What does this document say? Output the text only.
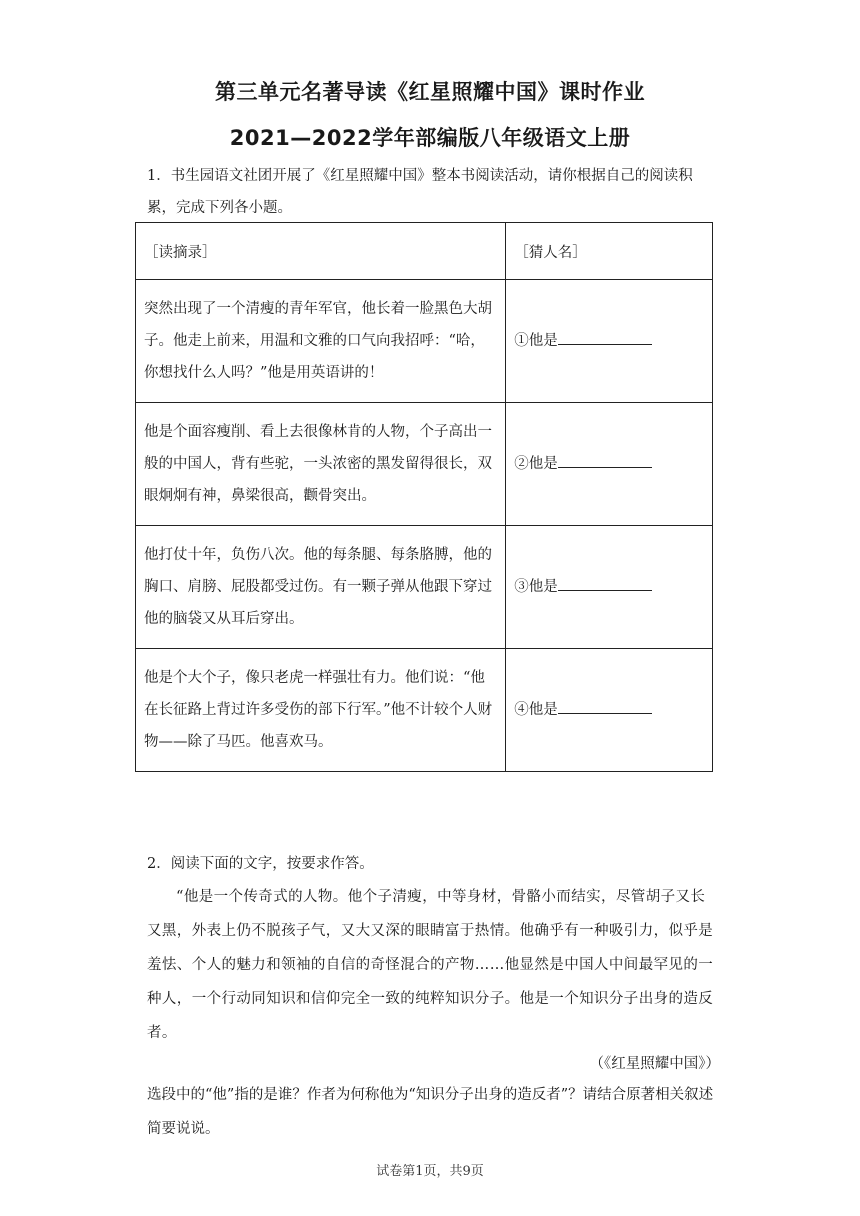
第三单元名著导读《红星照耀中国》课时作业
2021—2022学年部编版八年级语文上册
1．书生园语文社团开展了《红星照耀中国》整本书阅读活动，请你根据自己的阅读积累，完成下列各小题。
［读摘录］	［猜人名］
突然出现了一个清瘦的青年军官，他长着一脸黑色大胡子。他走上前来，用温和文雅的口气向我招呼：“哈，你想找什么人吗？”他是用英语讲的！	①他是
他是个面容瘦削、看上去很像林肯的人物，个子高出一般的中国人，背有些驼，一头浓密的黑发留得很长，双眼炯炯有神，鼻梁很高，颧骨突出。	②他是
他打仗十年，负伤八次。他的每条腿、每条胳膊，他的胸口、肩膀、屁股都受过伤。有一颗子弹从他跟下穿过他的脑袋又从耳后穿出。	③他是
他是个大个子，像只老虎一样强壮有力。他们说：“他在长征路上背过许多受伤的部下行军。”他不计较个人财物——除了马匹。他喜欢马。	④他是
2．阅读下面的文字，按要求作答。
“他是一个传奇式的人物。他个子清瘦，中等身材，骨骼小而结实，尽管胡子又长又黑，外表上仍不脱孩子气，又大又深的眼睛富于热情。他确乎有一种吸引力，似乎是羞怯、个人的魅力和领袖的自信的奇怪混合的产物……他显然是中国人中间最罕见的一种人，一个行动同知识和信仰完全一致的纯粹知识分子。他是一个知识分子出身的造反者。
（《红星照耀中国》）
选段中的“他”指的是谁？作者为何称他为“知识分子出身的造反者”？请结合原著相关叙述简要说说。
试卷第1页，共9页
